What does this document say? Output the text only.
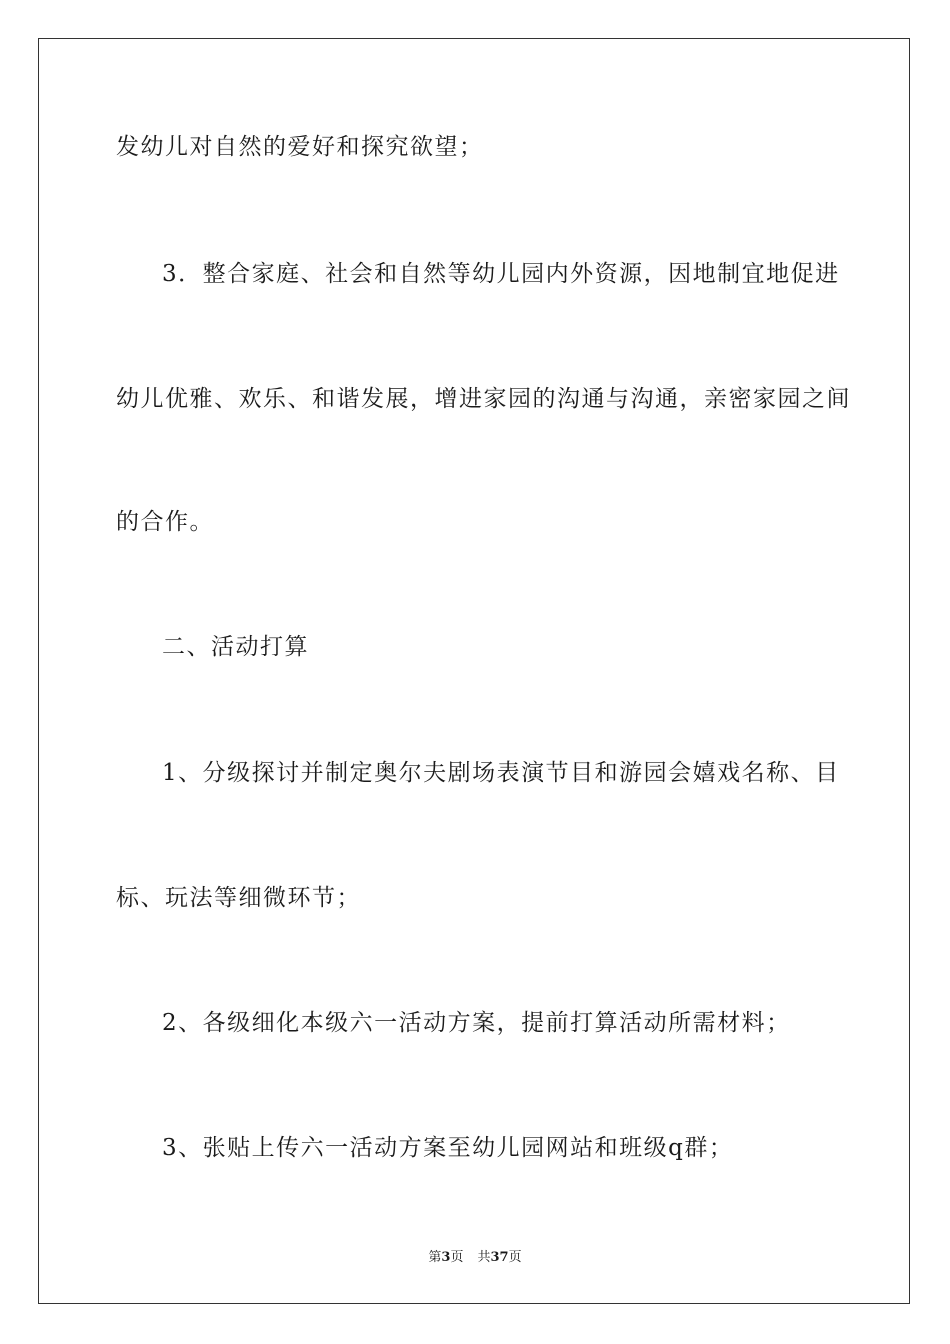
发幼儿对自然的爱好和探究欲望；
3．整合家庭、社会和自然等幼儿园内外资源，因地制宜地促进
幼儿优雅、欢乐、和谐发展，增进家园的沟通与沟通，亲密家园之间
的合作。
二、活动打算
1、分级探讨并制定奥尔夫剧场表演节目和游园会嬉戏名称、目
标、玩法等细微环节；
2、各级细化本级六一活动方案，提前打算活动所需材料；
3、张贴上传六一活动方案至幼儿园网站和班级q群；
第3页 共37页
